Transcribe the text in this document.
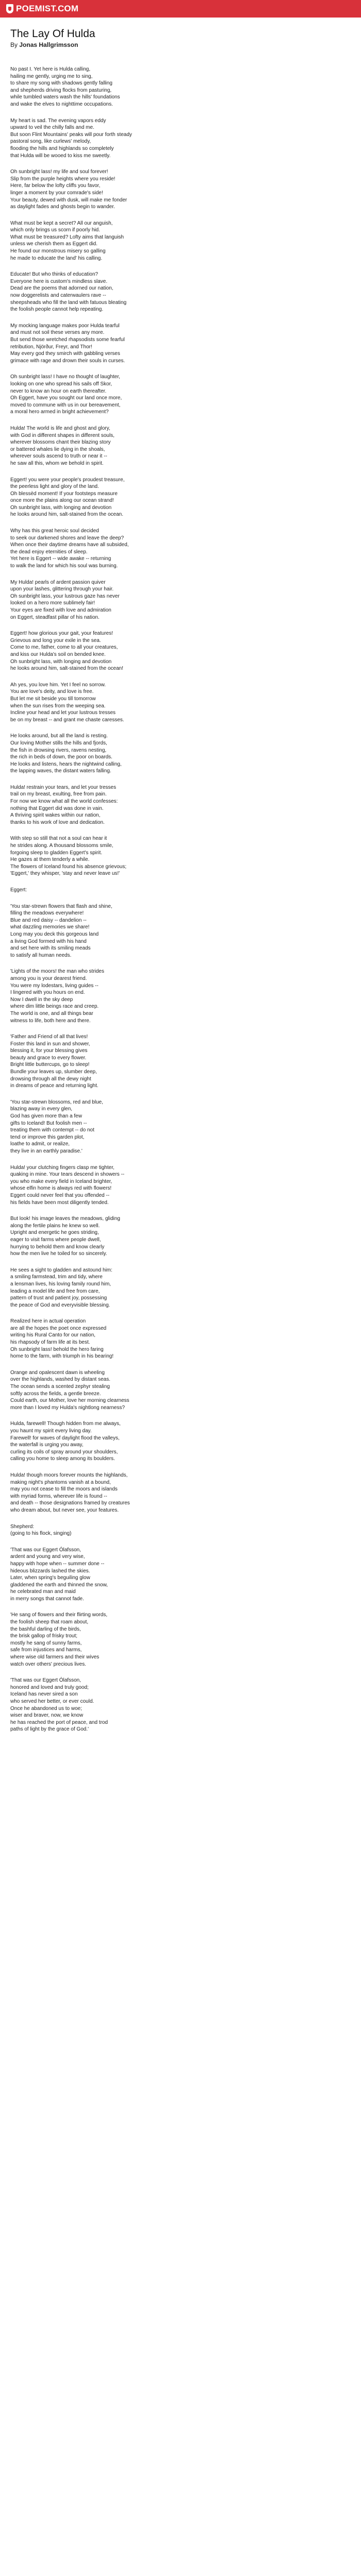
POEMIST.COM
The Lay Of Hulda
By Jonas Hallgrimsson

No past I. Yet here is Hulda calling,
hailing me gently, urging me to sing,
to share my song with shadows gently falling
and shepherds driving flocks from pasturing,
while tumbled waters wash the hills' foundations
and wake the elves to nighttime occupations.

My heart is sad. The evening vapors eddy
upward to veil the chilly falls and me.
But soon Flint Mountains' peaks will pour forth steady
pastoral song, like curlews' melody,
flooding the hills and highlands so completely
that Hulda will be wooed to kiss me sweetly.

Oh sunbright lass! my life and soul forever!
Slip from the purple heights where you reside!
Here, far below the lofty cliffs you favor,
linger a moment by your comrade's side!
Your beauty, dewed with dusk, will make me fonder
as daylight fades and ghosts begin to wander.

What must be kept a secret? All our anguish,
which only brings us scorn if poorly hid.
What must be treasured? Lofty aims that languish
unless we cherish them as Eggert did.
He found our monstrous misery so galling
he made to educate the land' his calling.

Educate! But who thinks of education?
Everyone here is custom's mindless slave.
Dead are the poems that adorned our nation,
now doggerelists and caterwaulers rave --
sheepsheads who fill the land with fatuous bleating
the foolish people cannot help repeating.

My mocking language makes poor Hulda tearful
and must not soil these verses any more.
But send those wretched rhapsodists some fearful
retribution, Njörður, Freyr, and Thor!
May every god they smirch with gabbling verses
grimace with rage and drown their souls in curses.

Oh sunbright lass! I have no thought of laughter,
looking on one who spread his sails off Skor,
never to know an hour on earth thereafter.
Oh Eggert, have you sought our land once more,
moved to commune with us in our bereavement,
a moral hero armed in bright achievement?

Hulda! The world is life and ghost and glory,
with God in different shapes in different souls,
wherever blossoms chant their blazing story
or battered whales lie dying in the shoals,
wherever souls ascend to truth or near it --
he saw all this, whom we behold in spirit.

Eggert! you were your people's proudest treasure,
the peerless light and glory of the land.
Oh blessèd moment! If your footsteps measure
once more the plains along our ocean strand!
Oh sunbright lass, with longing and devotion
he looks around him, salt-stained from the ocean.

Why has this great heroic soul decided
to seek our darkened shores and leave the deep?
When once their daytime dreams have all subsided,
the dead enjoy eternities of sleep.
Yet here is Eggert -- wide awake -- returning
to walk the land for which his soul was burning.

My Hulda! pearls of ardent passion quiver
upon your lashes, glittering through your hair.
Oh sunbright lass, your lustrous gaze has never
looked on a hero more sublimely fair!
Your eyes are fixed with love and admiration
on Eggert, steadfast pillar of his nation.

Eggert! how glorious your gait, your features!
Grievous and long your exile in the sea.
Come to me, father, come to all your creatures,
and kiss our Hulda's soil on bended knee.
Oh sunbright lass, with longing and devotion
he looks around him, salt-stained from the ocean!

Ah yes, you love him. Yet I feel no sorrow.
You are love's deity, and love is free.
But let me sit beside you till tomorrow
when the sun rises from the weeping sea.
Incline your head and let your lustrous tresses
be on my breast -- and grant me chaste caresses.

He looks around, but all the land is resting.
Our loving Mother stills the hills and fjords,
the fish in drowsing rivers, ravens nesting,
the rich in beds of down, the poor on boards.
He looks and listens, hears the nightwind calling,
the lapping waves, the distant waters falling.

Hulda! restrain your tears, and let your tresses
trail on my breast, exulting, free from pain.
For now we know what all the world confesses:
nothing that Eggert did was done in vain.
A thriving spirit wakes within our nation,
thanks to his work of love and dedication.

With step so still that not a soul can hear it
he strides along. A thousand blossoms smile,
forgoing sleep to gladden Eggert's spirit.
He gazes at them tenderly a while.
The flowers of Iceland found his absence grievous;
'Eggert,' they whisper, 'stay and never leave us!'

Eggert:

'You star-strewn flowers that flash and shine,
filling the meadows everywhere!
Blue and red daisy -- dandelion --
what dazzling memories we share!
Long may you deck this gorgeous land
a living God formed with his hand
and set here with its smiling meads
to satisfy all human needs.

'Lights of the moors! the man who strides
among you is your dearest friend.
You were my lodestars, living guides --
I lingered with you hours on end.
Now I dwell in the sky deep
where dim little beings race and creep.
The world is one, and all things bear
witness to life, both here and there.

'Father and Friend of all that lives!
Foster this land in sun and shower,
blessing it, for your blessing gives
beauty and grace to every flower.
Bright little buttercups, go to sleep!
Bundle your leaves up, slumber deep,
drowsing through all the dewy night
in dreams of peace and returning light.

'You star-strewn blossoms, red and blue,
blazing away in every glen,
God has given more than a few
gifts to Iceland! But foolish men --
treating them with contempt -- do not
tend or improve this garden plot,
loathe to admit, or realize,
they live in an earthly paradise.'

Hulda! your clutching fingers clasp me tighter,
quaking in mine. Your tears descend in showers --
you who make every field in Iceland brighter,
whose elfin home is always red with flowers!
Eggert could never feel that you offended --
his fields have been most diligently tended.

But look! his image leaves the meadows, gliding
along the fertile plains he knew so well.
Upright and energetic he goes striding,
eager to visit farms where people dwell,
hurrying to behold them and know clearly
how the men live he toiled for so sincerely.

He sees a sight to gladden and astound him:
a smiling farmstead, trim and tidy, where
a lensman lives, his loving family round him,
leading a model life and free from care,
pattern of trust and patient joy, possessing
the peace of God and everyvisible blessing.

Realized here in actual operation
are all the hopes the poet once expressed
writing his Rural Canto for our nation,
his rhapsody of farm life at its best.
Oh sunbright lass! behold the hero faring
home to the farm, with triumph in his bearing!

Orange and opalescent dawn is wheeling
over the highlands, washed by distant seas.
The ocean sends a scented zephyr stealing
softly across the fields, a gentle breeze.
Could earth, our Mother, love her morning clearness
more than I loved my Hulda's nightlong nearness?

Hulda, farewell! Though hidden from me always,
you haunt my spirit every living day.
Farewell! for waves of daylight flood the valleys,
the waterfall is urging you away,
curling its coils of spray around your shoulders,
calling you home to sleep among its boulders.

Hulda! though moors forever mounts the highlands,
making night's phantoms vanish at a bound,
may you not cease to fill the moors and islands
with myriad forms, wherever life is found --
and death -- those designations framed by creatures
who dream about, but never see, your features.

Shepherd:
(going to his flock, singing)

'That was our Eggert Ólafsson,
ardent and young and very wise,
happy with hope when -- summer done --
hideous blizzards lashed the skies.
Later, when spring's beguiling glow
gladdened the earth and thinned the snow,
he celebrated man and maid
in merry songs that cannot fade.

'He sang of flowers and their flirting words,
the foolish sheep that roam about,
the bashful darling of the birds,
the brisk gallop of frisky trout;
mostly he sang of sunny farms,
safe from injustices and harms,
where wise old farmers and their wives
watch over others' precious lives.

'That was our Eggert Ólafsson,
honored and loved and truly good;
Iceland has never sired a son
who served her better, or ever could.
Once he abandoned us to woe;
wiser and braver, now, we know
he has reached the port of peace, and trod
paths of light by the grace of God.'
